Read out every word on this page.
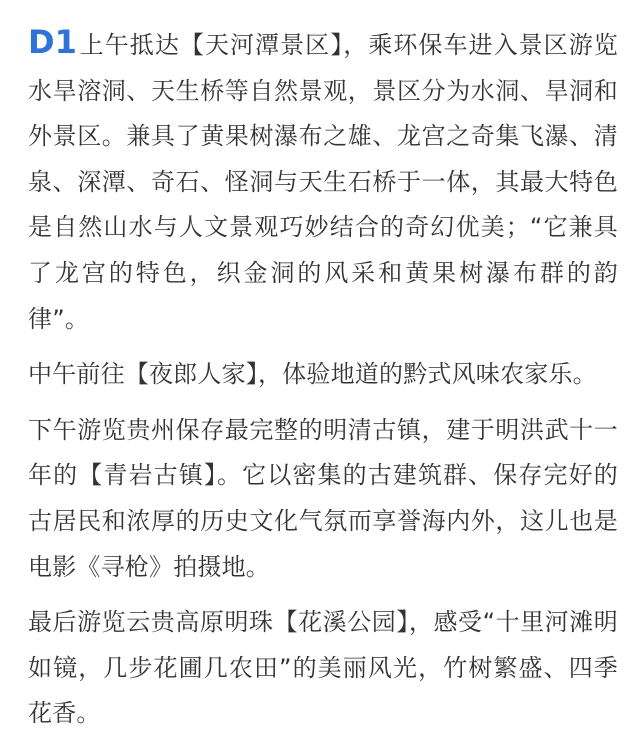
D1上午抵达【天河潭景区】，乘环保车进入景区游览水旱溶洞、天生桥等自然景观，景区分为水洞、旱洞和外景区。兼具了黄果树瀑布之雄、龙宫之奇集飞瀑、清泉、深潭、奇石、怪洞与天生石桥于一体，其最大特色是自然山水与人文景观巧妙结合的奇幻优美；“它兼具了龙宫的特色，织金洞的风采和黄果树瀑布群的韵律”。

中午前往【夜郎人家】，体验地道的黔式风味农家乐。

下午游览贵州保存最完整的明清古镇，建于明洪武十一年的【青岩古镇】。它以密集的古建筑群、保存完好的古居民和浓厚的历史文化气氛而享誉海内外，这儿也是电影《寻枪》拍摄地。

最后游览云贵高原明珠【花溪公园】，感受“十里河滩明如镜，几步花圃几农田”的美丽风光，竹树繁盛、四季花香。
